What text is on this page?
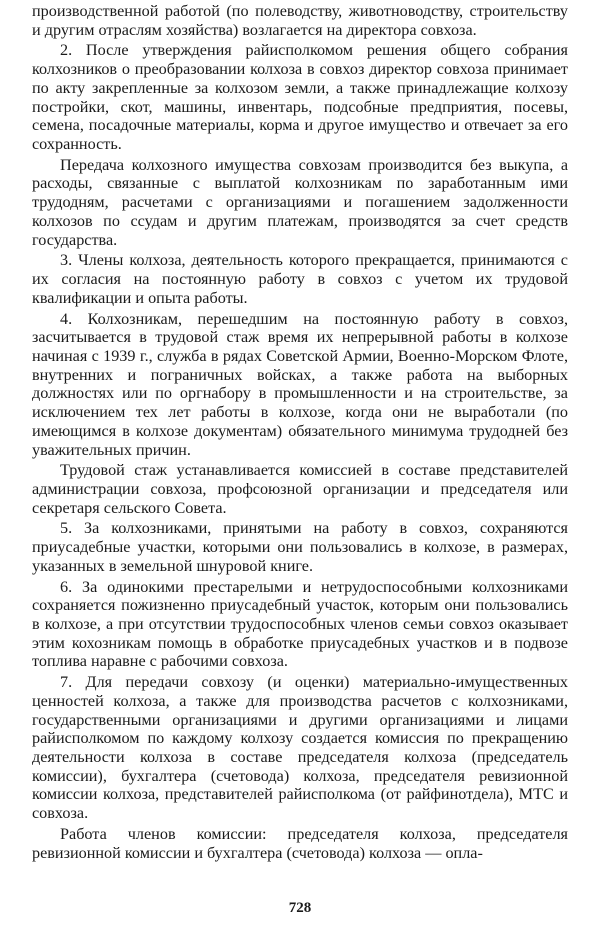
производственной работой (по полеводству, животноводству, строительству и другим отраслям хозяйства) возлагается на директора совхоза.

2. После утверждения райисполкомом решения общего собрания колхозников о преобразовании колхоза в совхоз директор совхоза принимает по акту закрепленные за колхозом земли, а также принадлежащие колхозу постройки, скот, машины, инвентарь, подсобные предприятия, посевы, семена, посадочные материалы, корма и другое имущество и отвечает за его сохранность.

Передача колхозного имущества совхозам производится без выкупа, а расходы, связанные с выплатой колхозникам по заработанным ими трудодням, расчетами с организациями и погашением задолженности колхозов по ссудам и другим платежам, производятся за счет средств государства.

3. Члены колхоза, деятельность которого прекращается, принимаются с их согласия на постоянную работу в совхоз с учетом их трудовой квалификации и опыта работы.

4. Колхозникам, перешедшим на постоянную работу в совхоз, засчитывается в трудовой стаж время их непрерывной работы в колхозе начиная с 1939 г., служба в рядах Советской Армии, Военно-Морском Флоте, внутренних и пограничных войсках, а также работа на выборных должностях или по оргнабору в промышленности и на строительстве, за исключением тех лет работы в колхозе, когда они не выработали (по имеющимся в колхозе документам) обязательного минимума трудодней без уважительных причин.

Трудовой стаж устанавливается комиссией в составе представителей администрации совхоза, профсоюзной организации и председателя или секретаря сельского Совета.

5. За колхозниками, принятыми на работу в совхоз, сохраняются приусадебные участки, которыми они пользовались в колхозе, в размерах, указанных в земельной шнуровой книге.

6. За одинокими престарелыми и нетрудоспособными колхозниками сохраняется пожизненно приусадебный участок, которым они пользовались в колхозе, а при отсутствии трудоспособных членов семьи совхоз оказывает этим кохозникам помощь в обработке приусадебных участков и в подвозе топлива наравне с рабочими совхоза.

7. Для передачи совхозу (и оценки) материально-имущественных ценностей колхоза, а также для производства расчетов с колхозниками, государственными организациями и другими организациями и лицами райисполкомом по каждому колхозу создается комиссия по прекращению деятельности колхоза в составе председателя колхоза (председатель комиссии), бухгалтера (счетовода) колхоза, председателя ревизионной комиссии колхоза, представителей райисполкома (от райфинотдела), МТС и совхоза.

Работа членов комиссии: председателя колхоза, председателя ревизионной комиссии и бухгалтера (счетовода) колхоза — опла-

728
